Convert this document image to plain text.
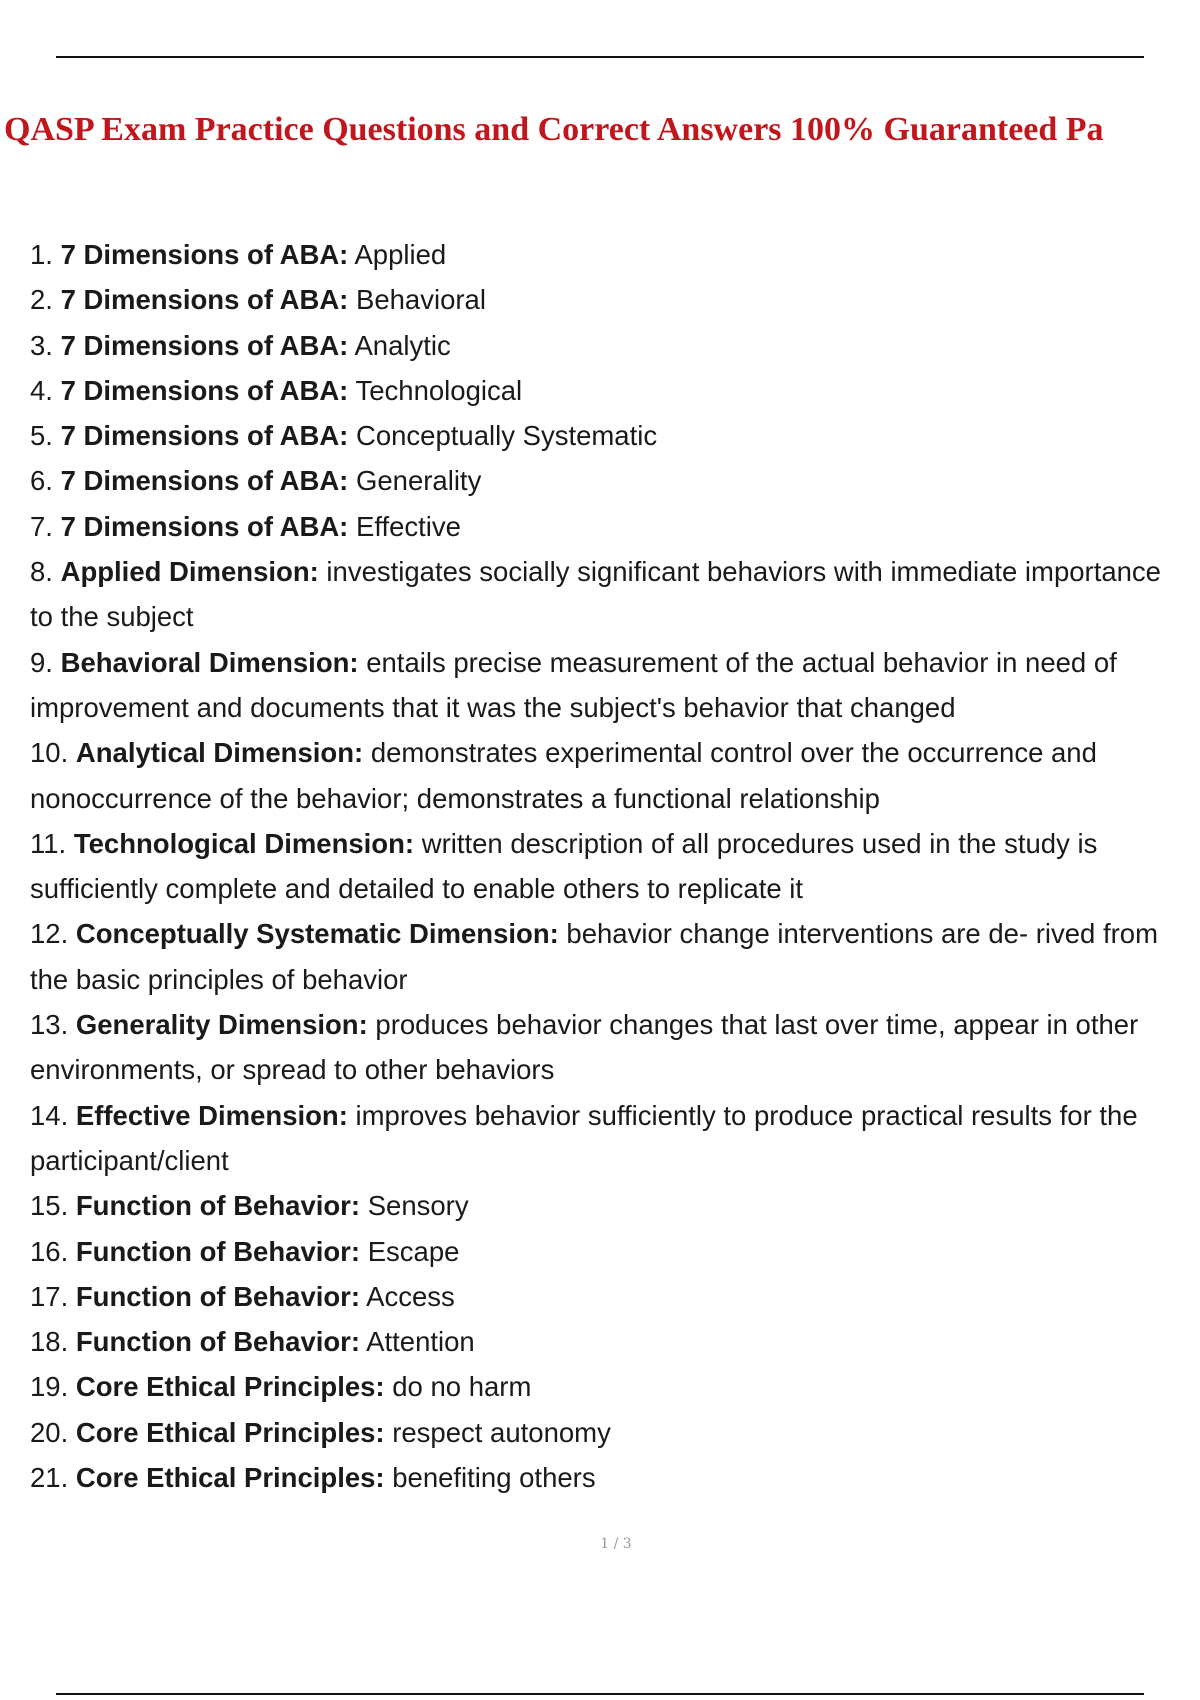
QASP Exam Practice Questions and Correct Answers 100% Guaranteed Pa
1. 7 Dimensions of ABA: Applied
2. 7 Dimensions of ABA: Behavioral
3. 7 Dimensions of ABA: Analytic
4. 7 Dimensions of ABA: Technological
5. 7 Dimensions of ABA: Conceptually Systematic
6. 7 Dimensions of ABA: Generality
7. 7 Dimensions of ABA: Effective
8. Applied Dimension: investigates socially significant behaviors with immediate importance to the subject
9. Behavioral Dimension: entails precise measurement of the actual behavior in need of improvement and documents that it was the subject's behavior that changed
10. Analytical Dimension: demonstrates experimental control over the occurrence and nonoccurrence of the behavior; demonstrates a functional relationship
11. Technological Dimension: written description of all procedures used in the study is sufficiently complete and detailed to enable others to replicate it
12. Conceptually Systematic Dimension: behavior change interventions are de- rived from the basic principles of behavior
13. Generality Dimension: produces behavior changes that last over time, appear in other environments, or spread to other behaviors
14. Effective Dimension: improves behavior sufficiently to produce practical results for the participant/client
15. Function of Behavior: Sensory
16. Function of Behavior: Escape
17. Function of Behavior: Access
18. Function of Behavior: Attention
19. Core Ethical Principles: do no harm
20. Core Ethical Principles: respect autonomy
21. Core Ethical Principles: benefiting others
1 / 3
